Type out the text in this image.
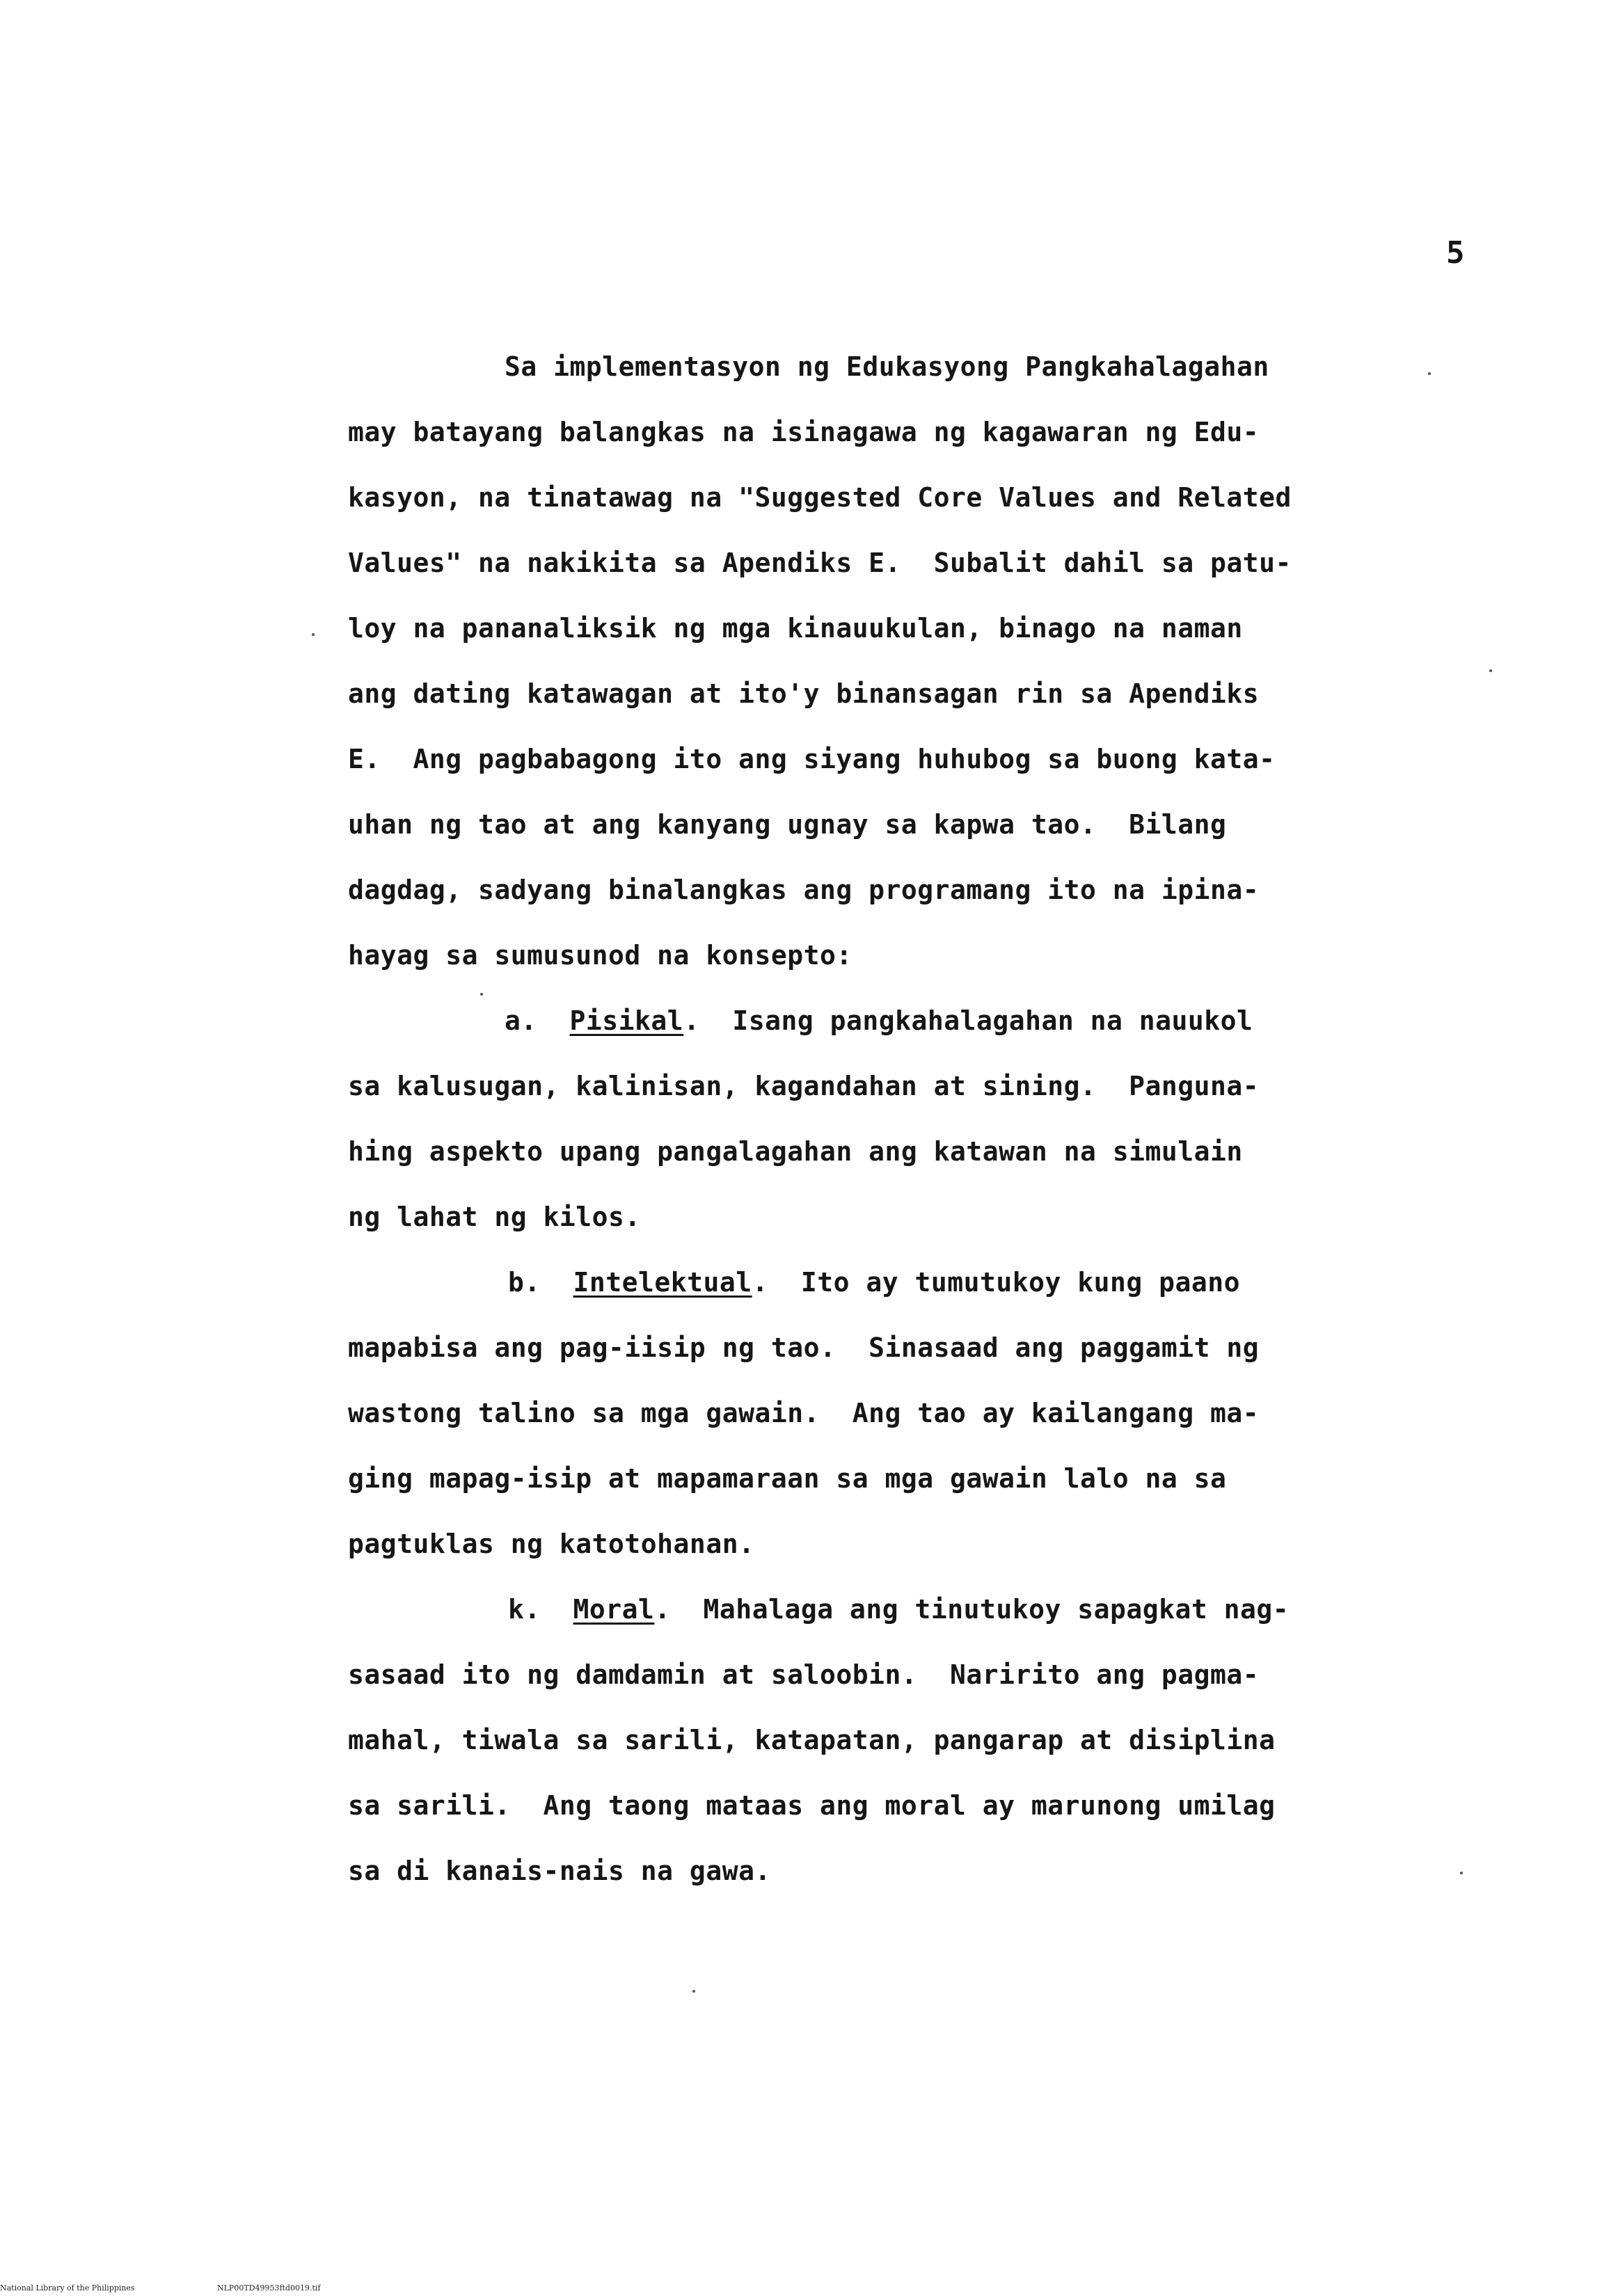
5
Sa implementasyon ng Edukasyong Pangkahalagahan
may batayang balangkas na isinagawa ng kagawaran ng Edu-
kasyon, na tinatawag na "Suggested Core Values and Related
Values" na nakikita sa Apendiks E.  Subalit dahil sa patu-
loy na pananaliksik ng mga kinauukulan, binago na naman
ang dating katawagan at ito'y binansagan rin sa Apendiks
E.  Ang pagbabagong ito ang siyang huhubog sa buong kata-
uhan ng tao at ang kanyang ugnay sa kapwa tao.  Bilang
dagdag, sadyang binalangkas ang programang ito na ipina-
hayag sa sumusunod na konsepto:
a. Pisikal.  Isang pangkahalagahan na nauukol
sa kalusugan, kalinisan, kagandahan at sining.  Panguna-
hing aspekto upang pangalagahan ang katawan na simulain
ng lahat ng kilos.
b. Intelektual.  Ito ay tumutukoy kung paano
mapabisa ang pag-iisip ng tao.  Sinasaad ang paggamit ng
wastong talino sa mga gawain.  Ang tao ay kailangang ma-
ging mapag-isip at mapamaraan sa mga gawain lalo na sa
pagtuklas ng katotohanan.
k. Moral.  Mahalaga ang tinutukoy sapagkat nag-
sasaad ito ng damdamin at saloobin.  Naririto ang pagma-
mahal, tiwala sa sarili, katapatan, pangarap at disiplina
sa sarili.  Ang taong mataas ang moral ay marunong umilag
sa di kanais-nais na gawa.
National Library of the Philippines	NLP00TD49953ftd0019.tif
